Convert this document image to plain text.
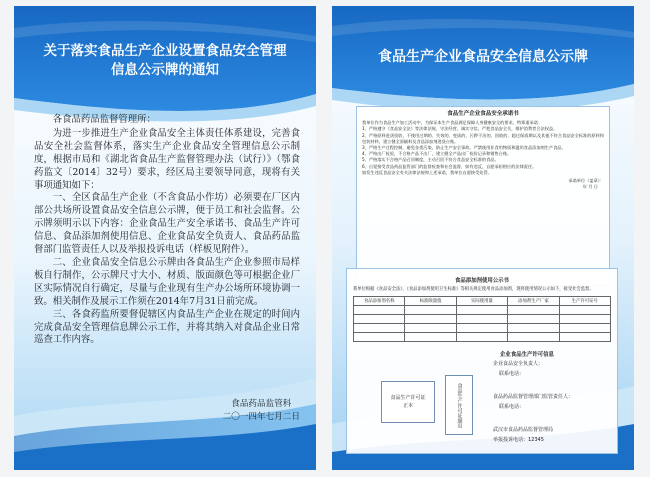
关于落实食品生产企业设置食品安全管理
信息公示牌的通知

各食品药品监督管理所：

为进一步推进生产企业食品安全主体责任体系建设，完善食品安全社会监督体系，落实生产企业食品安全管理信息公示制度，根据市局和《湖北省食品生产监督管理办法（试行）》（鄂食药监文〔2014〕32号）要求，经区局主要领导同意，现将有关事项通知如下：

一、全区食品生产企业（不含食品小作坊）必须要在厂区内部公共场所设置食品安全信息公示牌，便于员工和社会监督。公示牌须明示以下内容：企业食品生产安全承诺书、食品生产许可信息、食品添加剂使用信息、企业食品安全负责人、食品药品监督部门监管责任人以及举报投诉电话（样板见附件）。

二、企业食品安全信息公示牌由各食品生产企业参照市局样板自行制作，公示牌尺寸大小、材质、版面颜色等可根据企业厂区实际情况自行确定，尽量与企业现有生产办公场所环境协调一致。相关制作及展示工作须在2014年7月31日前完成。

三、各食药监所要督促辖区内食品生产企业在规定的时间内完成食品安全管理信息牌公示工作，并将其纳入对食品企业日常巡查工作内容。

食品药品监管科
二〇一四年七月二日
食品生产企业食品安全信息公示牌
食品生产企业食品安全承诺书

我单位作为食品生产加工活动中，为保证本生产食品满足保障人身健康安全的要求，特郑重承诺：

1、严格遵守《食品安全法》等法律法规，守法经营，诚实守信，严把食品安全关，维护消费者合法权益。

2、严格原料进货验收，不使用过期的、失效的、变质的、污秽不洁的、回收的、超过保质期以及其他不符合食品安全标准的原料和包装材料，建立健全原辅料及食品添加剂进货台账。

3、严格生产过程控制，避免各类污染，防止生产安全事故。严禁使用非食用物质和滥用食品添加剂生产食品。

4、严格出厂检验，不合格产品不出厂，建立健全产品出厂检验记录和销售台账。

5、严格落实不合格产品召回制度，主动召回不符合食品安全标准的食品。

6、自觉接受食品药品监管部门的监督检查和社会监督，如有违反，自愿承担相应的法律责任。

如发生违反食品安全有关法律法规和上述承诺，我单位自愿接受处罚。

承诺单位（盖章）：
年 月 日
食品添加剂使用公示书
我单位根据《食品安全法》、《食品添加剂使用卫生标准》等相关规定使用食品添加剂，现将使用情况公示如下，接受社会监督。
食品添加剂名称	标准限量值	实际使用量	添加剂生产厂家	生产许可证号

企业食品生产许可信息
食品生产许可证
正本	食品生产许可证副页
企业食品安全负责人：
联系电话：
食品药品监督管理部门监管责任人：
联系电话：
武汉市食品药品监督管理局
举报投诉电话：12345
